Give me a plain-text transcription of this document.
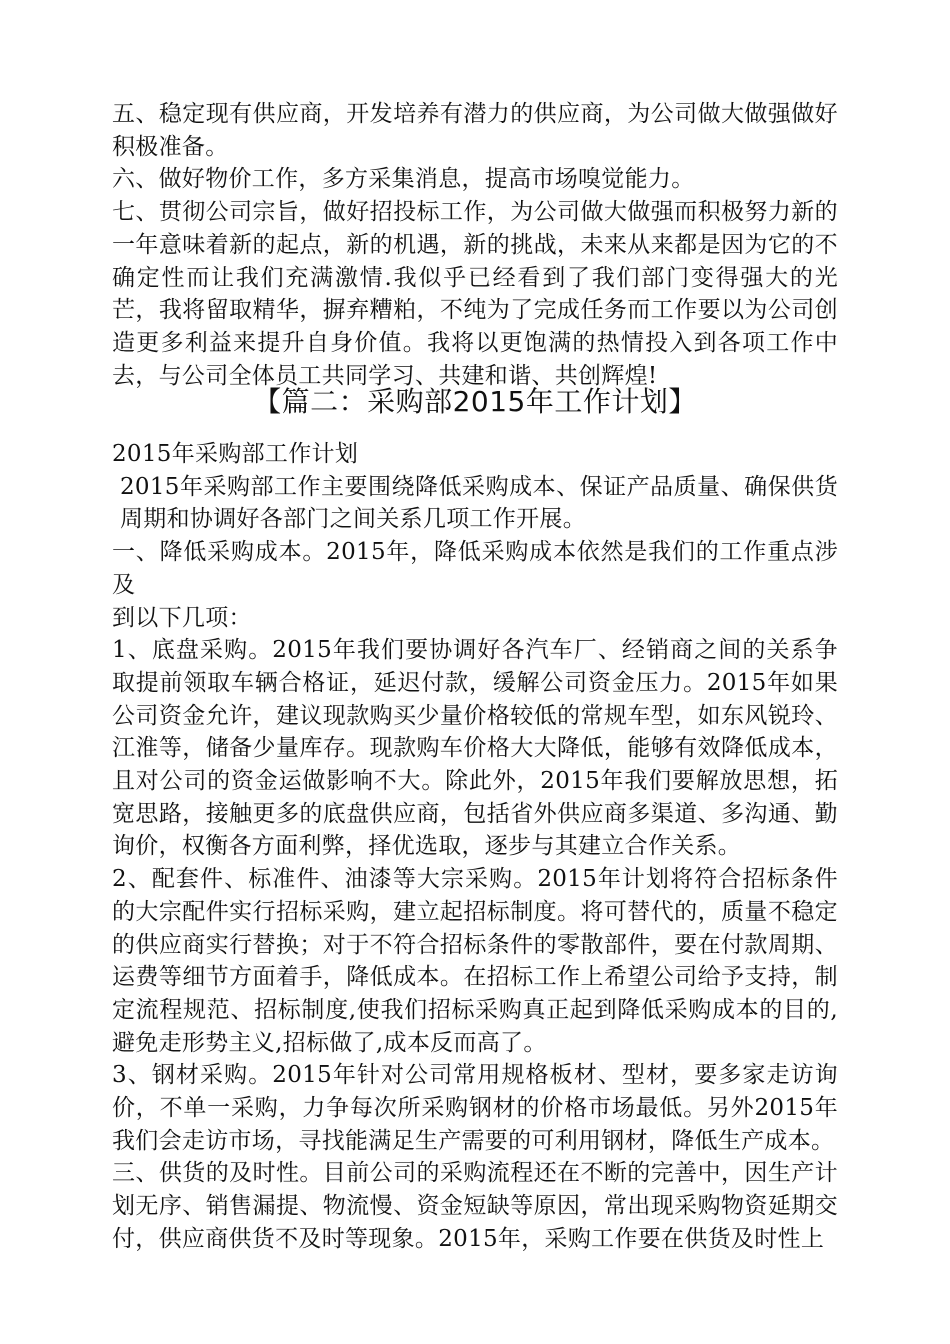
五、稳定现有供应商，开发培养有潜力的供应商，为公司做大做强做好积极准备。

六、做好物价工作，多方采集消息，提高市场嗅觉能力。

七、贯彻公司宗旨，做好招投标工作，为公司做大做强而积极努力新的一年意味着新的起点，新的机遇，新的挑战，未来从来都是因为它的不确定性而让我们充满激情.我似乎已经看到了我们部门变得强大的光芒，我将留取精华，摒弃糟粕，不纯为了完成任务而工作要以为公司创造更多利益来提升自身价值。我将以更饱满的热情投入到各项工作中去，与公司全体员工共同学习、共建和谐、共创辉煌!

【篇二：采购部2015年工作计划】

2015年采购部工作计划

2015年采购部工作主要围绕降低采购成本、保证产品质量、确保供货周期和协调好各部门之间关系几项工作开展。

一、降低采购成本。2015年，降低采购成本依然是我们的工作重点涉及

到以下几项：

1、底盘采购。2015年我们要协调好各汽车厂、经销商之间的关系争取提前领取车辆合格证，延迟付款，缓解公司资金压力。2015年如果公司资金允许，建议现款购买少量价格较低的常规车型，如东风锐玲、江淮等，储备少量库存。现款购车价格大大降低，能够有效降低成本，且对公司的资金运做影响不大。除此外，2015年我们要解放思想，拓宽思路，接触更多的底盘供应商，包括省外供应商多渠道、多沟通、勤询价，权衡各方面利弊，择优选取，逐步与其建立合作关系。

2、配套件、标准件、油漆等大宗采购。2015年计划将符合招标条件的大宗配件实行招标采购，建立起招标制度。将可替代的，质量不稳定的供应商实行替换；对于不符合招标条件的零散部件，要在付款周期、运费等细节方面着手，降低成本。在招标工作上希望公司给予支持，制定流程规范、招标制度,使我们招标采购真正起到降低采购成本的目的,避免走形势主义,招标做了,成本反而高了。

3、钢材采购。2015年针对公司常用规格板材、型材，要多家走访询价，不单一采购，力争每次所采购钢材的价格市场最低。另外2015年我们会走访市场，寻找能满足生产需要的可利用钢材，降低生产成本。

三、供货的及时性。目前公司的采购流程还在不断的完善中，因生产计划无序、销售漏提、物流慢、资金短缺等原因，常出现采购物资延期交付，供应商供货不及时等现象。2015年，采购工作要在供货及时性上
